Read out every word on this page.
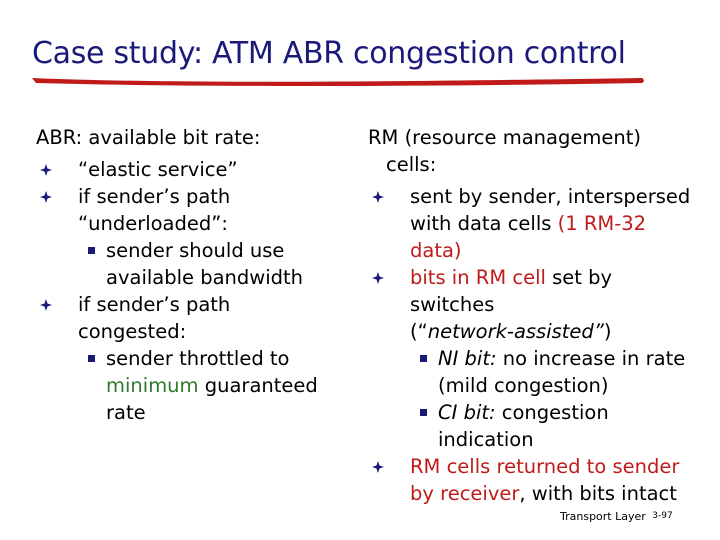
Case study: ATM ABR congestion control
ABR: available bit rate:
“elastic service”
if sender’s path
“underloaded”:
sender should use
available bandwidth
if sender’s path
congested:
sender throttled to
minimum guaranteed
rate
RM (resource management)
cells:
sent by sender, interspersed
with data cells (1 RM-32 data)
bits in RM cell set by switches
(“network-assisted”)
NI bit: no increase in rate
(mild congestion)
CI bit: congestion indication
RM cells returned to sender
by receiver, with bits intact
Transport Layer 3-97
